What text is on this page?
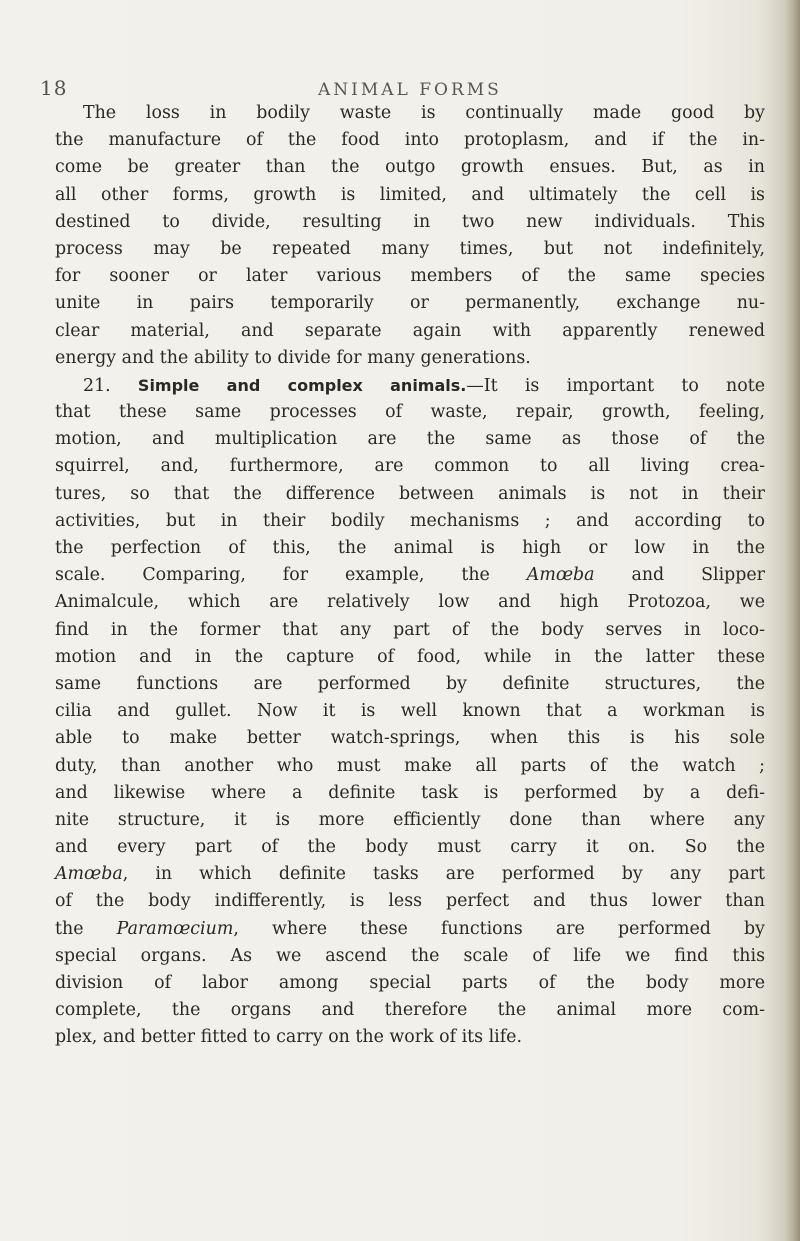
18	ANIMAL FORMS
The loss in bodily waste is continually made good by
the manufacture of the food into protoplasm, and if the in-
come be greater than the outgo growth ensues. But, as in
all other forms, growth is limited, and ultimately the cell is
destined to divide, resulting in two new individuals. This
process may be repeated many times, but not indefinitely,
for sooner or later various members of the same species
unite in pairs temporarily or permanently, exchange nu-
clear material, and separate again with apparently renewed
energy and the ability to divide for many generations.
21. Simple and complex animals.—It is important to note
that these same processes of waste, repair, growth, feeling,
motion, and multiplication are the same as those of the
squirrel, and, furthermore, are common to all living crea-
tures, so that the difference between animals is not in their
activities, but in their bodily mechanisms ; and according to
the perfection of this, the animal is high or low in the
scale. Comparing, for example, the Amœba and Slipper
Animalcule, which are relatively low and high Protozoa, we
find in the former that any part of the body serves in loco-
motion and in the capture of food, while in the latter these
same functions are performed by definite structures, the
cilia and gullet. Now it is well known that a workman is
able to make better watch-springs, when this is his sole
duty, than another who must make all parts of the watch ;
and likewise where a definite task is performed by a defi-
nite structure, it is more efficiently done than where any
and every part of the body must carry it on. So the
Amœba, in which definite tasks are performed by any part
of the body indifferently, is less perfect and thus lower than
the Paramœcium, where these functions are performed by
special organs. As we ascend the scale of life we find this
division of labor among special parts of the body more
complete, the organs and therefore the animal more com-
plex, and better fitted to carry on the work of its life.
